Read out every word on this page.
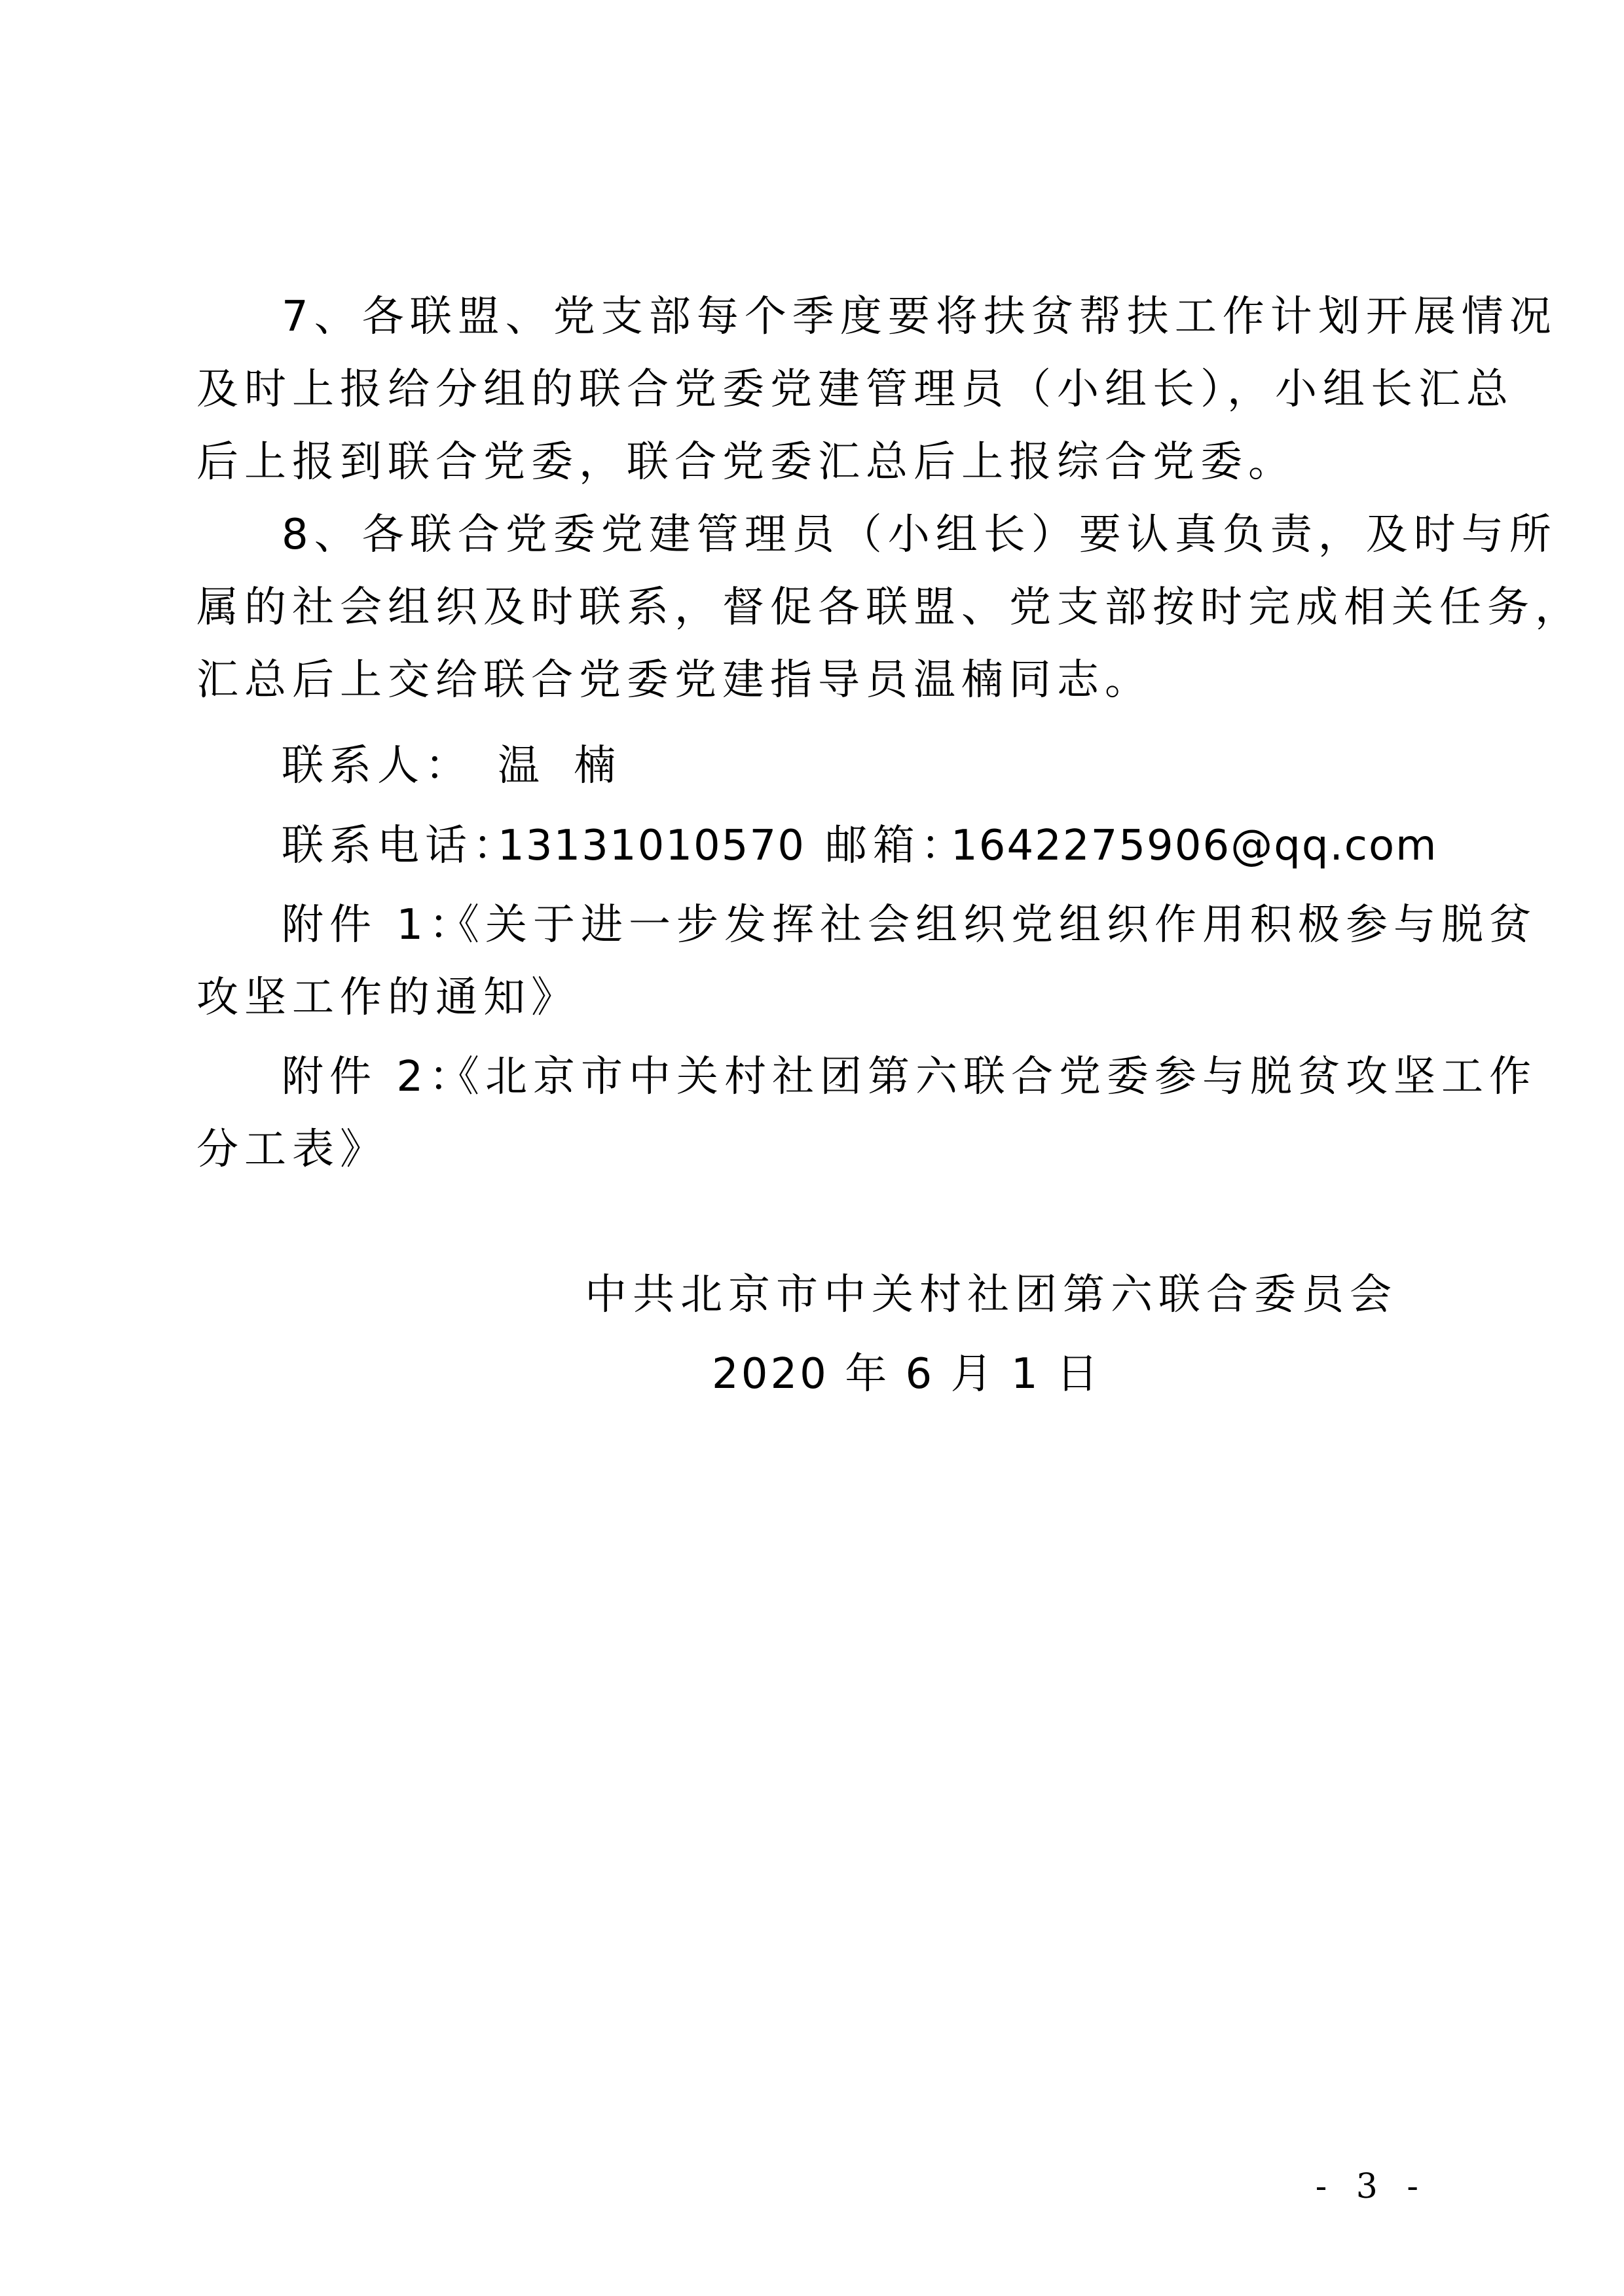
7、各联盟、党支部每个季度要将扶贫帮扶工作计划开展情况
及时上报给分组的联合党委党建管理员（小组长），小组长汇总
后上报到联合党委，联合党委汇总后上报综合党委。
8、各联合党委党建管理员（小组长）要认真负责，及时与所
属的社会组织及时联系，督促各联盟、党支部按时完成相关任务，
汇总后上交给联合党委党建指导员温楠同志。
联系人： 温 楠
联系电话：
13131010570 邮箱：
1642275906@qq.com
附件 1：
《关于进一步发挥社会组织党组织作用积极参与脱贫
攻坚工作的通知》
附件 2：
《北京市中关村社团第六联合党委参与脱贫攻坚工作
分工表》
中共北京市中关村社团第六联合委员会
2020 年 6 月 1 日
- 3 -
